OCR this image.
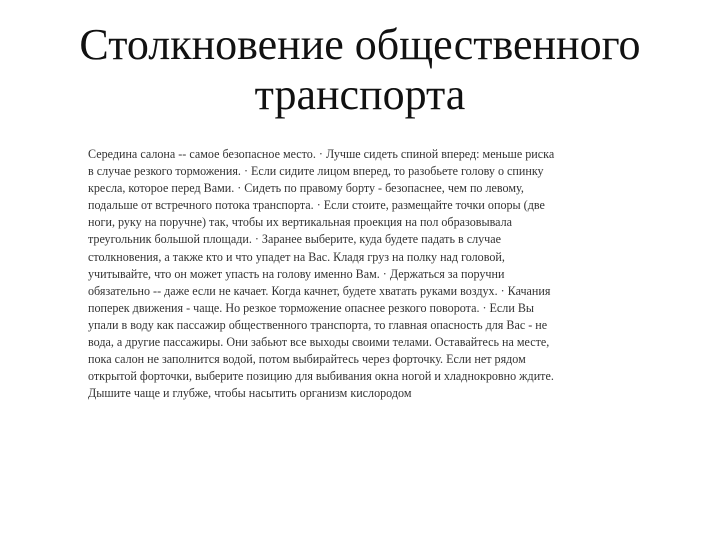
Столкновение общественного транспорта

Середина салона -- самое безопасное место. · Лучше сидеть спиной вперед: меньше риска в случае резкого торможения. · Если сидите лицом вперед, то разобьете голову о спинку кресла, которое перед Вами. · Сидеть по правому борту - безопаснее, чем по левому, подальше от встречного потока транспорта. · Если стоите, размещайте точки опоры (две ноги, руку на поручне) так, чтобы их вертикальная проекция на пол образовывала треугольник большой площади. · Заранее выберите, куда будете падать в случае столкновения, а также кто и что упадет на Вас. Кладя груз на полку над головой, учитывайте, что он может упасть на голову именно Вам. · Держаться за поручни обязательно -- даже если не качает. Когда качнет, будете хватать руками воздух. · Качания поперек движения - чаще. Но резкое торможение опаснее резкого поворота. · Если Вы упали в воду как пассажир общественного транспорта, то главная опасность для Вас - не вода, а другие пассажиры. Они забьют все выходы своими телами. Оставайтесь на месте, пока салон не заполнится водой, потом выбирайтесь через форточку. Если нет рядом открытой форточки, выберите позицию для выбивания окна ногой и хладнокровно ждите. Дышите чаще и глубже, чтобы насытить организм кислородом
